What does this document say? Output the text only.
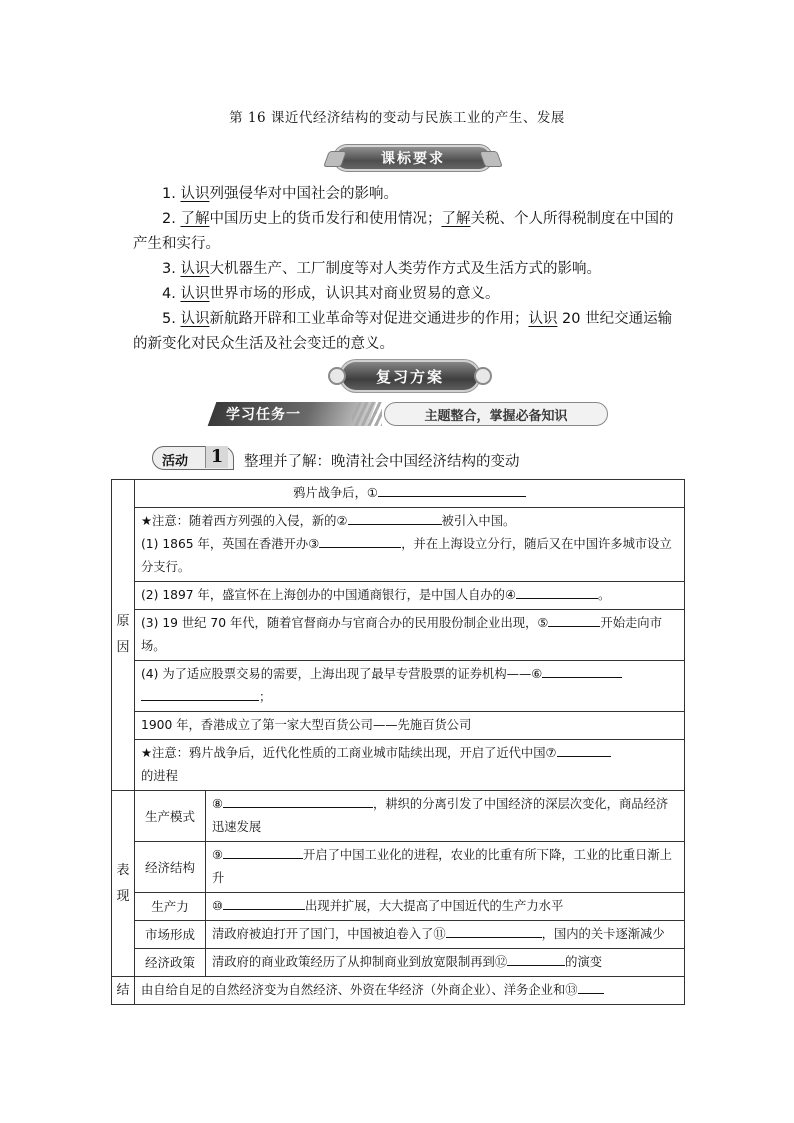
第 16 课近代经济结构的变动与民族工业的产生、发展
课标要求

1. 认识列强侵华对中国社会的影响。

2. 了解中国历史上的货币发行和使用情况；了解关税、个人所得税制度在中国的产生和实行。

3. 认识大机器生产、工厂制度等对人类劳作方式及生活方式的影响。

4. 认识世界市场的形成，认识其对商业贸易的意义。

5. 认识新航路开辟和工业革命等对促进交通进步的作用；认识 20 世纪交通运输的新变化对民众生活及社会变迁的意义。

复习方案
学习任务一	主题整合，掌握必备知识
活动	1	整理并了解：晚清社会中国经济结构的变动
原因	鸦片战争后，①	
	★注意：随着西方列强的入侵，新的② 被引入中国。
(1) 1865 年，英国在香港开办③ ，并在上海设立分行，随后又在中国许多城市设立分支行。	
	(2) 1897 年，盛宣怀在上海创办的中国通商银行，是中国人自办的④ 。	
	(3) 19 世纪 70 年代，随着官督商办与官商合办的民用股份制企业出现，⑤ 开始走向市场。	
	(4) 为了适应股票交易的需要，上海出现了最早专营股票的证券机构——⑥
；	
	1900 年，香港成立了第一家大型百货公司——先施百货公司	
	★注意：鸦片战争后，近代化性质的工商业城市陆续出现，开启了近代中国⑦
的进程	
表现	生产模式	⑧ ，耕织的分离引发了中国经济的深层次变化，商品经济迅速发展
	经济结构	⑨ 开启了中国工业化的进程，农业的比重有所下降，工业的比重日渐上升
	生产力	⑩ 出现并扩展，大大提高了中国近代的生产力水平
	市场形成	清政府被迫打开了国门，中国被迫卷入了⑪ ，国内的关卡逐渐减少
	经济政策	清政府的商业政策经历了从抑制商业到放宽限制再到⑫ 的演变
结	由自给自足的自然经济变为自然经济、外资在华经济（外商企业）、洋务企业和⑬	
